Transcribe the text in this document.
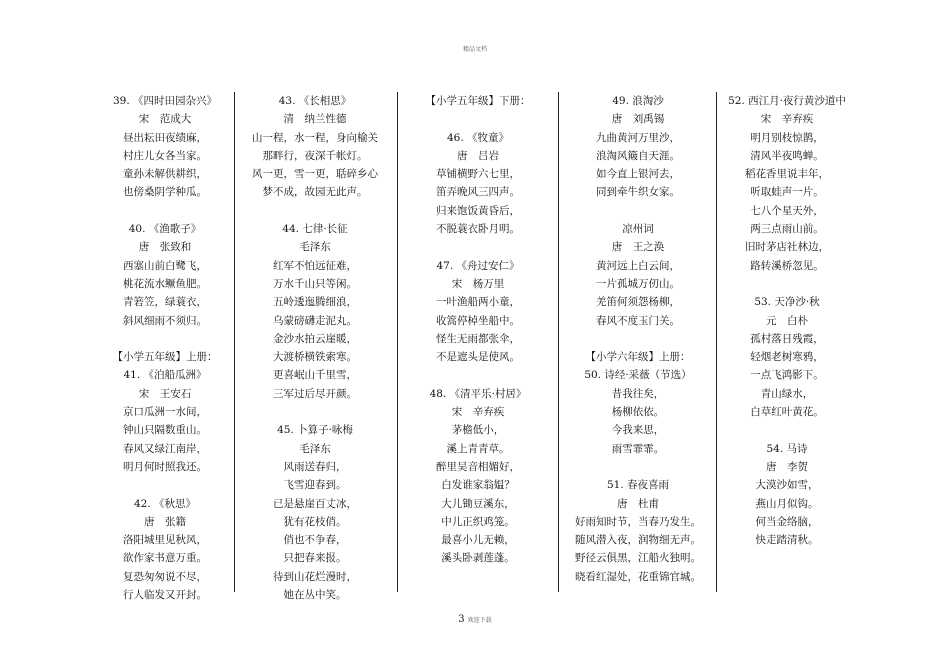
精品文档
39. 《四时田园杂兴》
宋　范成大
昼出耘田夜绩麻，
村庄儿女各当家。
童孙未解供耕织，
也傍桑阴学种瓜。
40. 《渔歌子》
唐　张致和
西塞山前白鹭飞，
桃花流水鳜鱼肥。
青箬笠，绿蓑衣，
斜风细雨不须归。
【小学五年级】上册：
41. 《泊船瓜洲》
宋　王安石
京口瓜洲一水间，
钟山只隔数重山。
春风又绿江南岸，
明月何时照我还。
42. 《秋思》
唐　张籍
洛阳城里见秋风，
欲作家书意万重。
复恐匆匆说不尽，
行人临发又开封。
43. 《长相思》
清　纳兰性德
山一程，水一程，身向榆关
那畔行，夜深千帐灯。
风一更，雪一更，聒碎乡心
梦不成，故园无此声。
44. 七律·长征
毛泽东
红军不怕远征难，
万水千山只等闲。
五岭逶迤腾细浪，
乌蒙磅礴走泥丸。
金沙水拍云崖暖，
大渡桥横铁索寒。
更喜岷山千里雪，
三军过后尽开颜。
45. 卜算子·咏梅
毛泽东
风雨送春归，
飞雪迎春到。
已是悬崖百丈冰，
犹有花枝俏。
俏也不争春，
只把春来报。
待到山花烂漫时，
她在丛中笑。
【小学五年级】下册：
46. 《牧童》
唐　吕岩
草铺横野六七里，
笛弄晚风三四声。
归来饱饭黄昏后，
不脱蓑衣卧月明。
47. 《舟过安仁》
宋　杨万里
一叶渔船两小童，
收篙停棹坐船中。
怪生无雨都张伞，
不是遮头是使风。
48. 《清平乐·村居》
宋　辛弃疾
茅檐低小，
溪上青青草。
醉里吴音相媚好，
白发谁家翁媪？
大儿锄豆溪东，
中儿正织鸡笼。
最喜小儿无赖，
溪头卧剥莲蓬。
49. 浪淘沙
唐　刘禹锡
九曲黄河万里沙，
浪淘风簸自天涯。
如今直上银河去，
同到牵牛织女家。
凉州词
唐　王之涣
黄河远上白云间，
一片孤城万仞山。
羌笛何须怨杨柳，
春风不度玉门关。
【小学六年级】上册：
50. 诗经·采薇（节选）
昔我往矣，
杨柳依依。
今我来思，
雨雪霏霏。
51. 春夜喜雨
唐　杜甫
好雨知时节，当春乃发生。
随风潜入夜，润物细无声。
野径云俱黑，江船火独明。
晓看红湿处，花重锦官城。
52. 西江月·夜行黄沙道中
宋　辛弃疾
明月别枝惊鹊，
清风半夜鸣蝉。
稻花香里说丰年，
听取蛙声一片。
七八个星天外，
两三点雨山前。
旧时茅店社林边，
路转溪桥忽见。
53. 天净沙·秋
元　白朴
孤村落日残霞，
轻烟老树寒鸦，
一点飞鸿影下。
青山绿水，
白草红叶黄花。
54. 马诗
唐　李贺
大漠沙如雪，
燕山月似钩。
何当金络脑，
快走踏清秋。
3 欢迎下载
